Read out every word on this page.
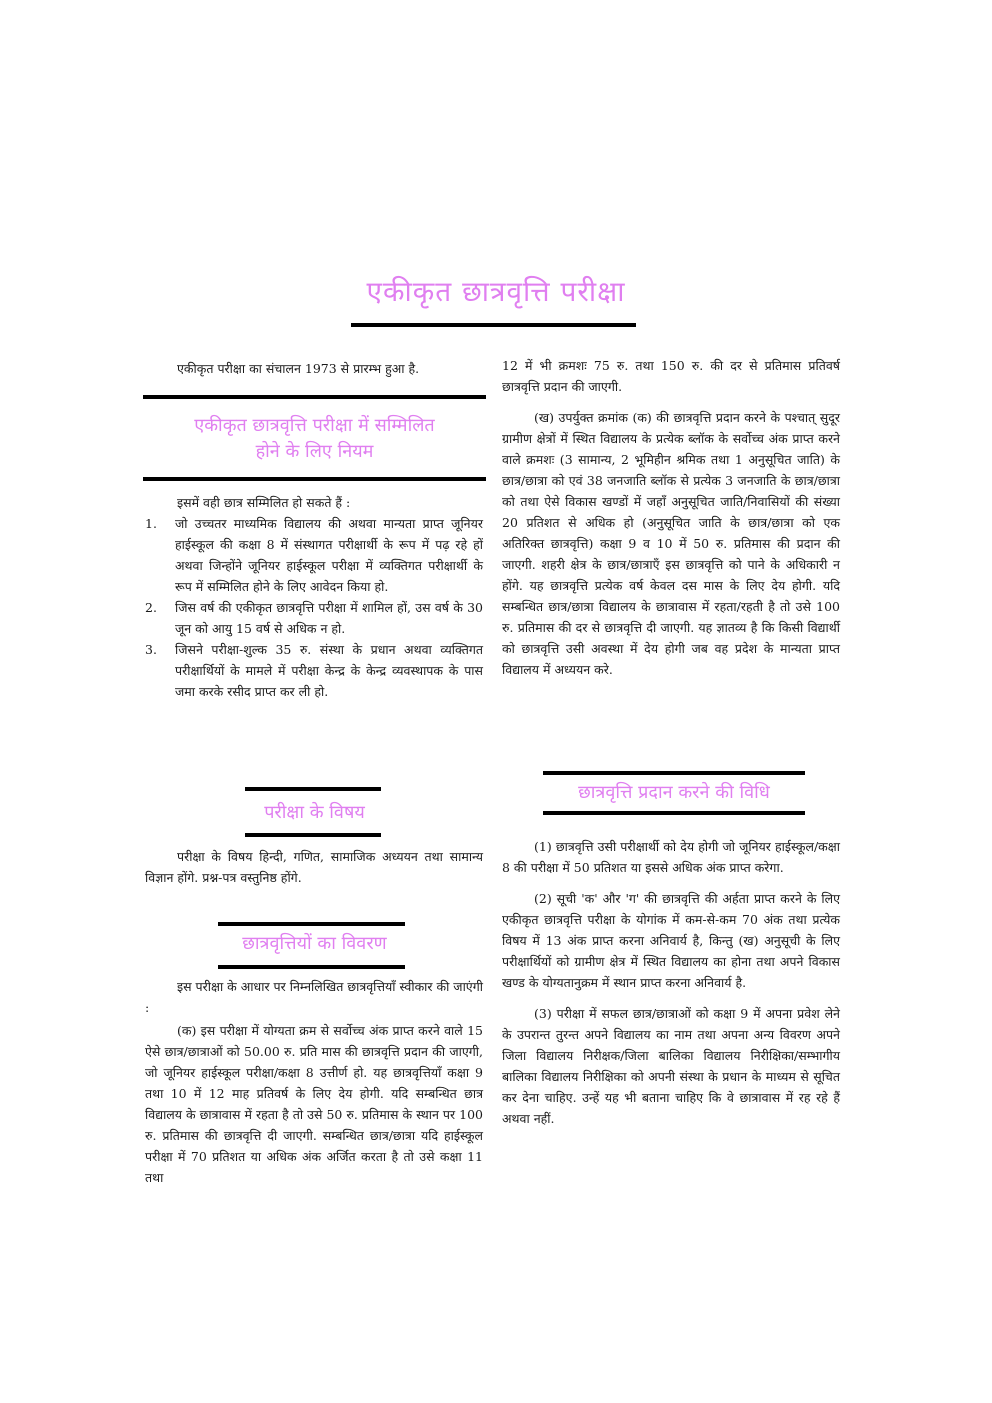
एकीकृत छात्रवृत्ति परीक्षा

एकीकृत परीक्षा का संचालन 1973 से प्रारम्भ हुआ है.

एकीकृत छात्रवृत्ति परीक्षा में सम्मिलित
होने के लिए नियम

इसमें वही छात्र सम्मिलित हो सकते हैं :

1.	जो उच्चतर माध्यमिक विद्यालय की अथवा मान्यता प्राप्त जूनियर हाईस्कूल की कक्षा 8 में संस्थागत परीक्षार्थी के रूप में पढ़ रहे हों अथवा जिन्होंने जूनियर हाईस्कूल परीक्षा में व्यक्तिगत परीक्षार्थी के रूप में सम्मिलित होने के लिए आवेदन किया हो.
2.	जिस वर्ष की एकीकृत छात्रवृत्ति परीक्षा में शामिल हों, उस वर्ष के 30 जून को आयु 15 वर्ष से अधिक न हो.
3.	जिसने परीक्षा-शुल्क 35 रु. संस्था के प्रधान अथवा व्यक्तिगत परीक्षार्थियों के मामले में परीक्षा केन्द्र के केन्द्र व्यवस्थापक के पास जमा करके रसीद प्राप्त कर ली हो.
परीक्षा के विषय

परीक्षा के विषय हिन्दी, गणित, सामाजिक अध्ययन तथा सामान्य विज्ञान होंगे. प्रश्न-पत्र वस्तुनिष्ठ होंगे.

छात्रवृत्तियों का विवरण

इस परीक्षा के आधार पर निम्नलिखित छात्रवृत्तियाँ स्वीकार की जाएंगी :

(क) इस परीक्षा में योग्यता क्रम से सर्वोच्च अंक प्राप्त करने वाले 15 ऐसे छात्र/छात्राओं को 50.00 रु. प्रति मास की छात्रवृत्ति प्रदान की जाएगी, जो जूनियर हाईस्कूल परीक्षा/कक्षा 8 उत्तीर्ण हो. यह छात्रवृत्तियाँ कक्षा 9 तथा 10 में 12 माह प्रतिवर्ष के लिए देय होगी. यदि सम्बन्धित छात्र विद्यालय के छात्रावास में रहता है तो उसे 50 रु. प्रतिमास के स्थान पर 100 रु. प्रतिमास की छात्रवृत्ति दी जाएगी. सम्बन्धित छात्र/छात्रा यदि हाईस्कूल परीक्षा में 70 प्रतिशत या अधिक अंक अर्जित करता है तो उसे कक्षा 11 तथा

12 में भी क्रमशः 75 रु. तथा 150 रु. की दर से प्रतिमास प्रतिवर्ष छात्रवृत्ति प्रदान की जाएगी.

(ख) उपर्युक्त क्रमांक (क) की छात्रवृत्ति प्रदान करने के पश्चात् सुदूर ग्रामीण क्षेत्रों में स्थित विद्यालय के प्रत्येक ब्लॉक के सर्वोच्च अंक प्राप्त करने वाले क्रमशः (3 सामान्य, 2 भूमिहीन श्रमिक तथा 1 अनुसूचित जाति) के छात्र/छात्रा को एवं 38 जनजाति ब्लॉक से प्रत्येक 3 जनजाति के छात्र/छात्रा को तथा ऐसे विकास खण्डों में जहाँ अनुसूचित जाति/निवासियों की संख्या 20 प्रतिशत से अधिक हो (अनुसूचित जाति के छात्र/छात्रा को एक अतिरिक्त छात्रवृत्ति) कक्षा 9 व 10 में 50 रु. प्रतिमास की प्रदान की जाएगी. शहरी क्षेत्र के छात्र/छात्राएँ इस छात्रवृत्ति को पाने के अधिकारी न होंगे. यह छात्रवृत्ति प्रत्येक वर्ष केवल दस मास के लिए देय होगी. यदि सम्बन्धित छात्र/छात्रा विद्यालय के छात्रावास में रहता/रहती है तो उसे 100 रु. प्रतिमास की दर से छात्रवृत्ति दी जाएगी. यह ज्ञातव्य है कि किसी विद्यार्थी को छात्रवृत्ति उसी अवस्था में देय होगी जब वह प्रदेश के मान्यता प्राप्त विद्यालय में अध्ययन करे.

छात्रवृत्ति प्रदान करने की विधि

(1) छात्रवृत्ति उसी परीक्षार्थी को देय होगी जो जूनियर हाईस्कूल/कक्षा 8 की परीक्षा में 50 प्रतिशत या इससे अधिक अंक प्राप्त करेगा.

(2) सूची 'क' और 'ग' की छात्रवृत्ति की अर्हता प्राप्त करने के लिए एकीकृत छात्रवृत्ति परीक्षा के योगांक में कम-से-कम 70 अंक तथा प्रत्येक विषय में 13 अंक प्राप्त करना अनिवार्य है, किन्तु (ख) अनुसूची के लिए परीक्षार्थियों को ग्रामीण क्षेत्र में स्थित विद्यालय का होना तथा अपने विकास खण्ड के योग्यतानुक्रम में स्थान प्राप्त करना अनिवार्य है.

(3) परीक्षा में सफल छात्र/छात्राओं को कक्षा 9 में अपना प्रवेश लेने के उपरान्त तुरन्त अपने विद्यालय का नाम तथा अपना अन्य विवरण अपने जिला विद्यालय निरीक्षक/जिला बालिका विद्यालय निरीक्षिका/सम्भागीय बालिका विद्यालय निरीक्षिका को अपनी संस्था के प्रधान के माध्यम से सूचित कर देना चाहिए. उन्हें यह भी बताना चाहिए कि वे छात्रावास में रह रहे हैं अथवा नहीं.
